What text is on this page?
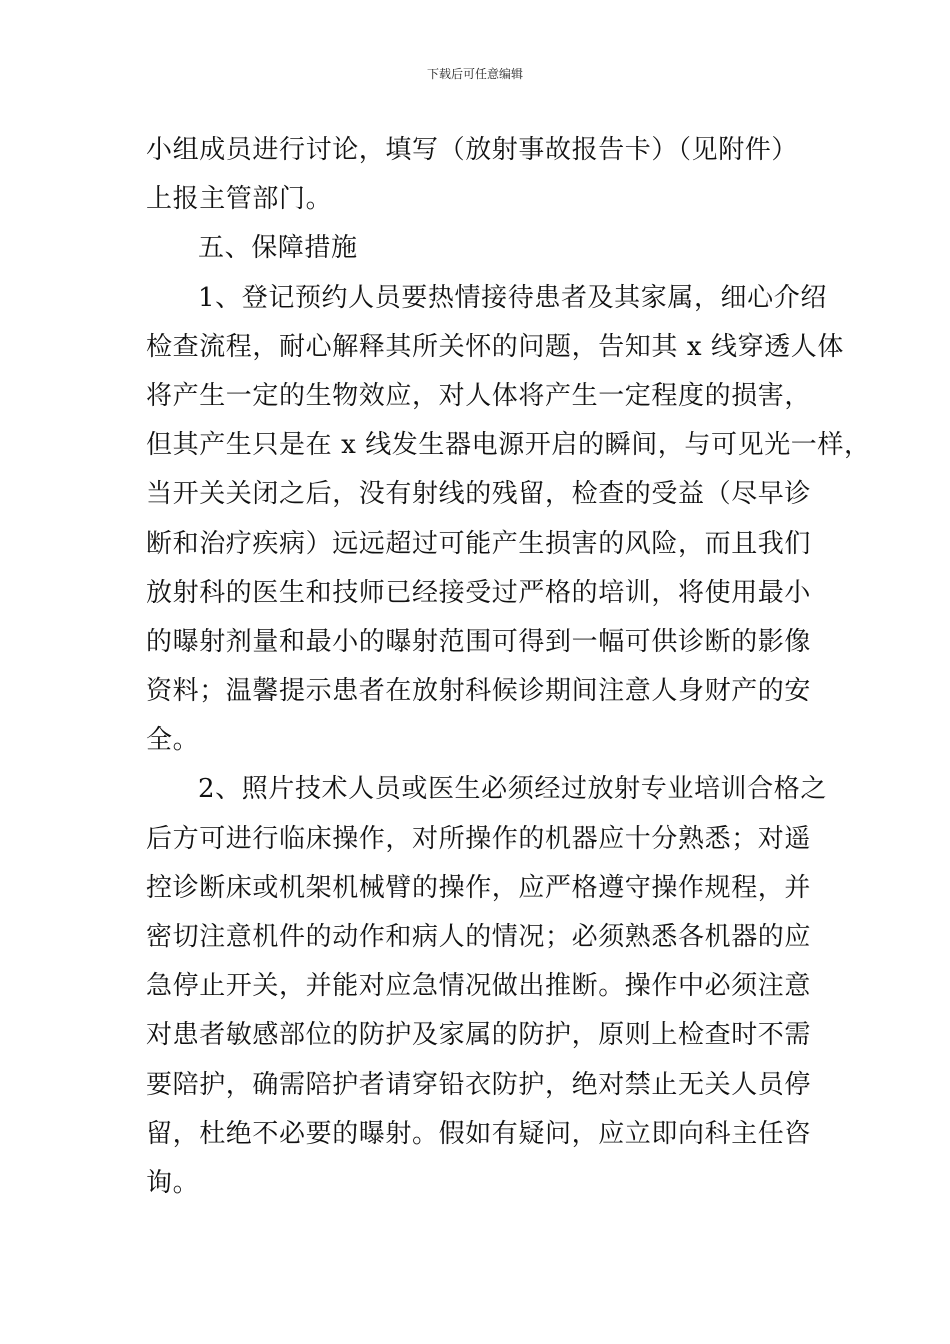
下载后可任意编辑
小组成员进行讨论，填写（放射事故报告卡）（见附件）
上报主管部门。
五、保障措施
1、登记预约人员要热情接待患者及其家属，细心介绍
检查流程，耐心解释其所关怀的问题，告知其 x 线穿透人体
将产生一定的生物效应，对人体将产生一定程度的损害，
但其产生只是在 x 线发生器电源开启的瞬间，与可见光一样，
当开关关闭之后，没有射线的残留，检查的受益（尽早诊
断和治疗疾病）远远超过可能产生损害的风险，而且我们
放射科的医生和技师已经接受过严格的培训，将使用最小
的曝射剂量和最小的曝射范围可得到一幅可供诊断的影像
资料；温馨提示患者在放射科候诊期间注意人身财产的安
全。
2、照片技术人员或医生必须经过放射专业培训合格之
后方可进行临床操作，对所操作的机器应十分熟悉；对遥
控诊断床或机架机械臂的操作，应严格遵守操作规程，并
密切注意机件的动作和病人的情况；必须熟悉各机器的应
急停止开关，并能对应急情况做出推断。操作中必须注意
对患者敏感部位的防护及家属的防护，原则上检查时不需
要陪护，确需陪护者请穿铅衣防护，绝对禁止无关人员停
留，杜绝不必要的曝射。假如有疑问，应立即向科主任咨
询。
